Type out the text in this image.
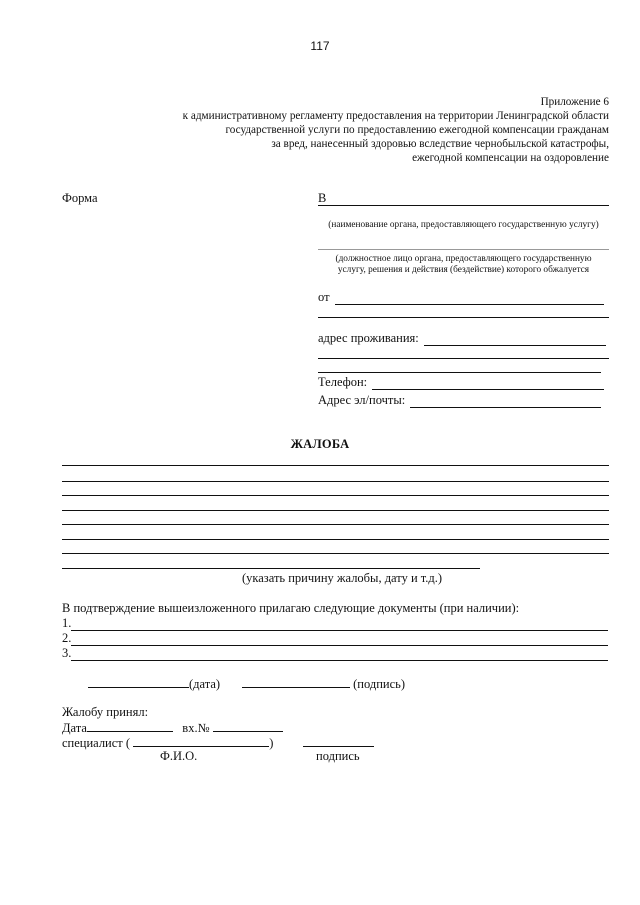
117
Приложение 6
к административному регламенту предоставления на территории Ленинградской области
государственной услуги по предоставлению ежегодной компенсации гражданам
за вред, нанесенный здоровью вследствие чернобыльской катастрофы,
ежегодной компенсации на оздоровление
Форма	В
(наименование органа, предоставляющего государственную услугу)
(должностное лицо органа, предоставляющего государственную
услугу, решения и действия (бездействие) которого обжалуется
от
адрес проживания:
Телефон:
Адрес эл/почты:
ЖАЛОБА
(указать причину жалобы, дату и т.д.)
В подтверждение вышеизложенного прилагаю следующие документы (при наличии):
1.
2.
3.
(дата)	(подпись)
Жалобу принял:
Дата	вх.№
специалист (	)
Ф.И.О.	подпись
